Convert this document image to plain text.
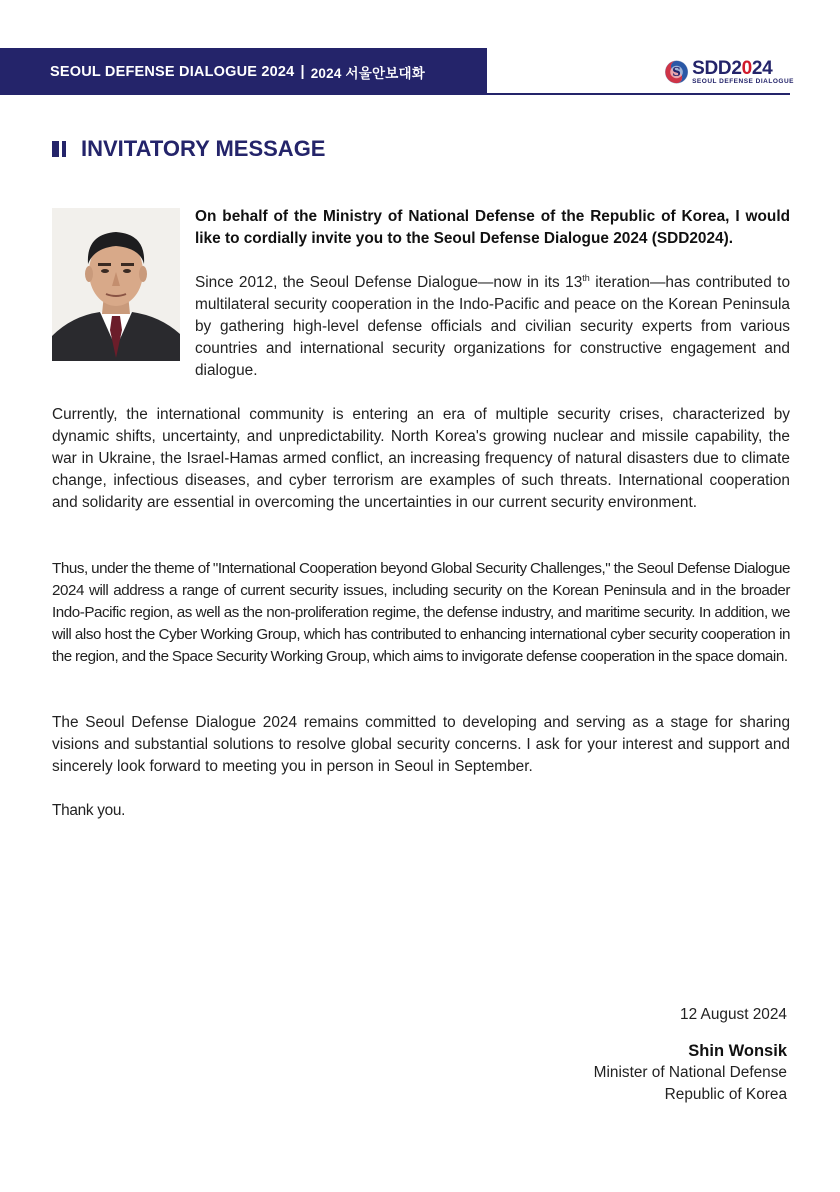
SEOUL DEFENSE DIALOGUE 2024 | 2024 서울안보대화	S SDD2024
SEOUL DEFENSE DIALOGUE
INVITATORY MESSAGE

On behalf of the Ministry of National Defense of the Republic of Korea, I would like to cordially invite you to the Seoul Defense Dialogue 2024 (SDD2024).

Since 2012, the Seoul Defense Dialogue—now in its 13th iteration—has contributed to multilateral security cooperation in the Indo-Pacific and peace on the Korean Peninsula by gathering high-level defense officials and civilian security experts from various countries and international security organizations for constructive engagement and dialogue.

Currently, the international community is entering an era of multiple security crises, characterized by dynamic shifts, uncertainty, and unpredictability. North Korea's growing nuclear and missile capability, the war in Ukraine, the Israel-Hamas armed conflict, an increasing frequency of natural disasters due to climate change, infectious diseases, and cyber terrorism are examples of such threats. International cooperation and solidarity are essential in overcoming the uncertainties in our current security environment.

Thus, under the theme of "International Cooperation beyond Global Security Challenges," the Seoul Defense Dialogue 2024 will address a range of current security issues, including security on the Korean Peninsula and in the broader Indo-Pacific region, as well as the non-proliferation regime, the defense industry, and maritime security. In addition, we will also host the Cyber Working Group, which has contributed to enhancing international cyber security cooperation in the region, and the Space Security Working Group, which aims to invigorate defense cooperation in the space domain.

The Seoul Defense Dialogue 2024 remains committed to developing and serving as a stage for sharing visions and substantial solutions to resolve global security concerns. I ask for your interest and support and sincerely look forward to meeting you in person in Seoul in September.

Thank you.

12 August 2024
Shin Wonsik
Minister of National Defense
Republic of Korea
